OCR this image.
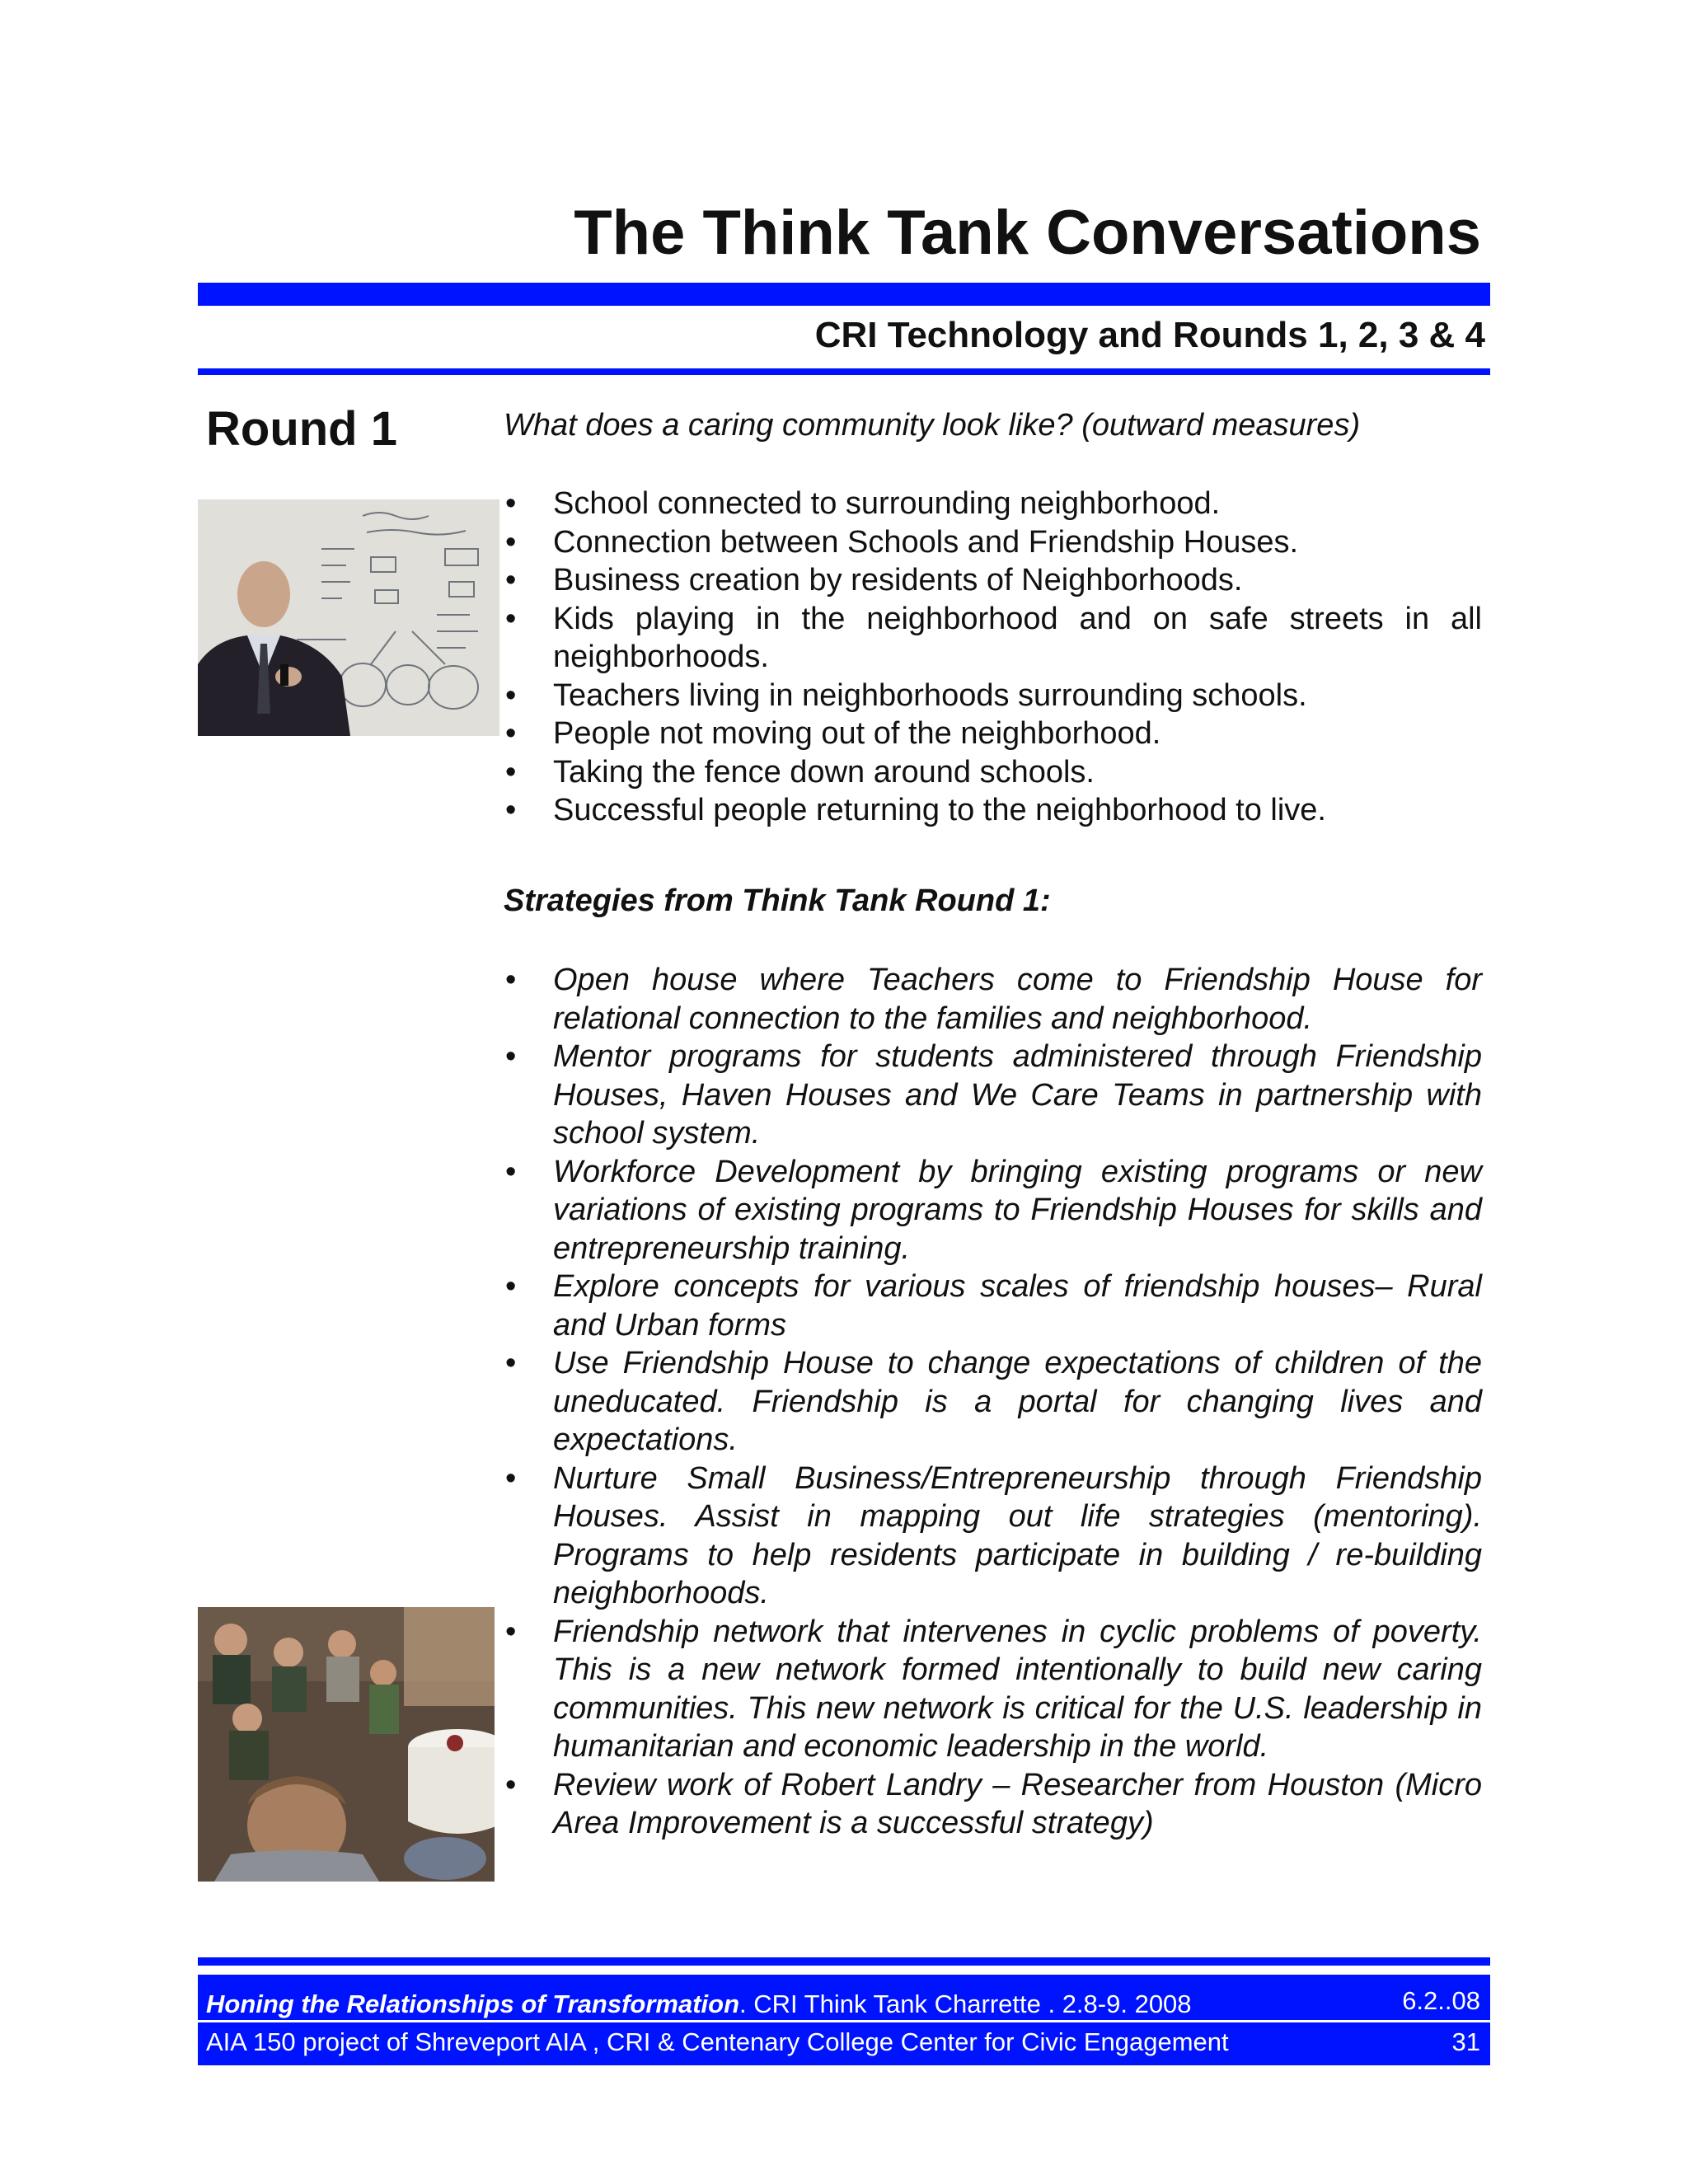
The Think Tank Conversations
CRI Technology and Rounds 1, 2, 3 & 4
Round 1	What does a caring community look like? (outward measures)
• School connected to surrounding neighborhood.
• Connection between Schools and Friendship Houses.
• Business creation by residents of Neighborhoods.
• Kids playing in the neighborhood and on safe streets in all neighborhoods.
• Teachers living in neighborhoods surrounding schools.
• People not moving out of the neighborhood.
• Taking the fence down around schools.
• Successful people returning to the neighborhood to live.
Strategies from Think Tank Round 1:
• Open house where Teachers come to Friendship House for relational connection to the families and neighborhood.
• Mentor programs for students administered through Friendship Houses, Haven Houses and We Care Teams in partnership with school system.
• Workforce Development by bringing existing programs or new variations of existing programs to Friendship Houses for skills and entrepreneurship training.
• Explore concepts for various scales of friendship houses– Rural and Urban forms
• Use Friendship House to change expectations of children of the uneducated. Friendship is a portal for changing lives and expectations.
• Nurture Small Business/Entrepreneurship through Friendship Houses. Assist in mapping out life strategies (mentoring). Programs to help residents participate in building / re-building neighborhoods.
• Friendship network that intervenes in cyclic problems of poverty. This is a new network formed intentionally to build new caring communities. This new network is critical for the U.S. leadership in humanitarian and economic leadership in the world.
• Review work of Robert Landry – Researcher from Houston (Micro Area Improvement is a successful strategy)
Honing the Relationships of Transformation. CRI Think Tank Charrette . 2.8-9. 2008	6.2..08
AIA 150 project of Shreveport AIA , CRI & Centenary College Center for Civic Engagement	31
